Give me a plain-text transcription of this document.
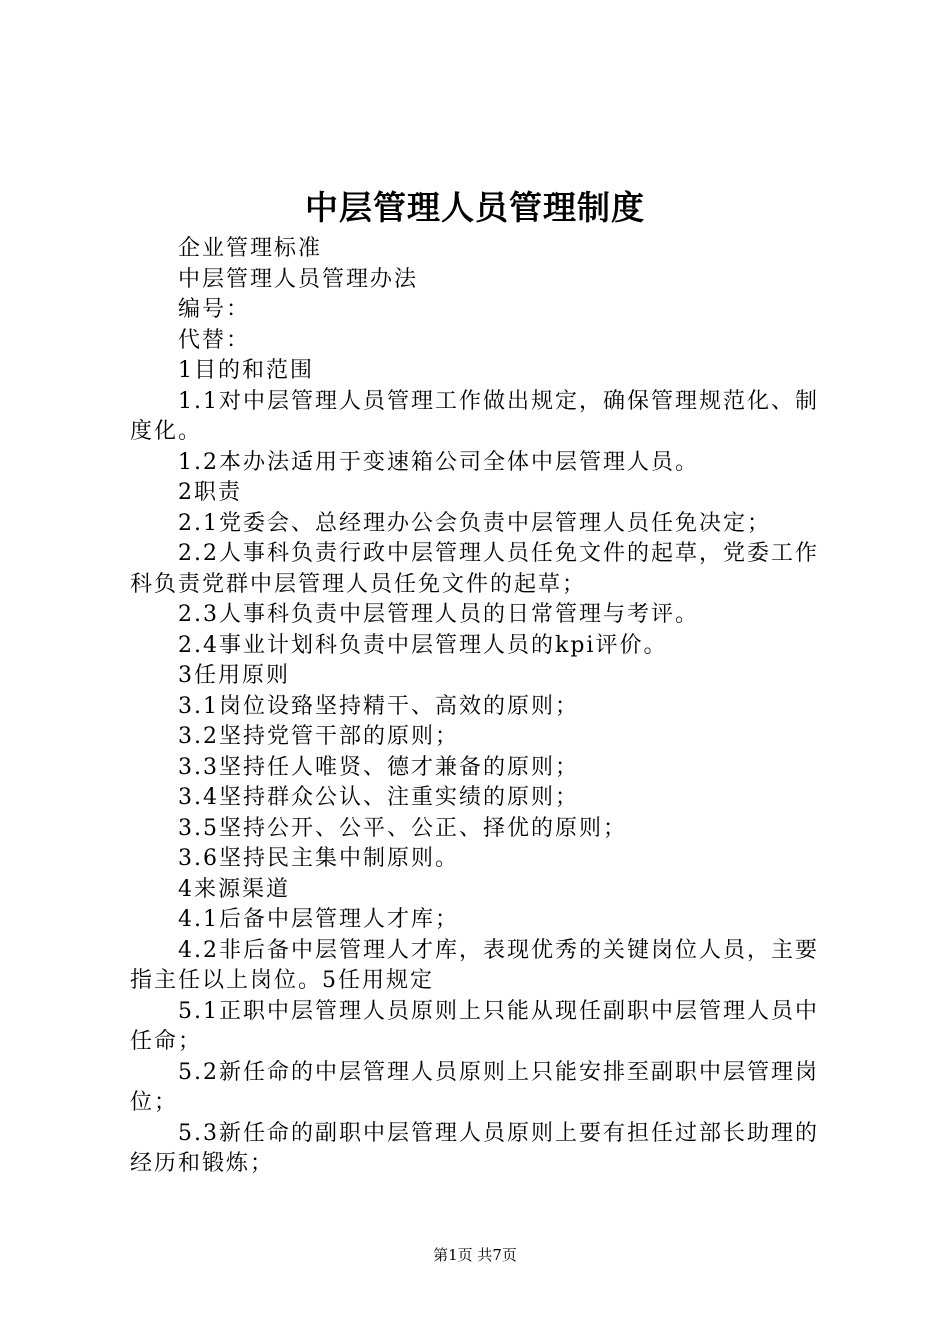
中层管理人员管理制度

企业管理标准

中层管理人员管理办法

编号：

代替：

1目的和范围

1.1对中层管理人员管理工作做出规定，确保管理规范化、制度化。

1.2本办法适用于变速箱公司全体中层管理人员。

2职责

2.1党委会、总经理办公会负责中层管理人员任免决定；

2.2人事科负责行政中层管理人员任免文件的起草，党委工作科负责党群中层管理人员任免文件的起草；

2.3人事科负责中层管理人员的日常管理与考评。

2.4事业计划科负责中层管理人员的kpi评价。

3任用原则

3.1岗位设臵坚持精干、高效的原则；

3.2坚持党管干部的原则；

3.3坚持任人唯贤、德才兼备的原则；

3.4坚持群众公认、注重实绩的原则；

3.5坚持公开、公平、公正、择优的原则；

3.6坚持民主集中制原则。

4来源渠道

4.1后备中层管理人才库；

4.2非后备中层管理人才库，表现优秀的关键岗位人员，主要指主任以上岗位。5任用规定

5.1正职中层管理人员原则上只能从现任副职中层管理人员中任命；

5.2新任命的中层管理人员原则上只能安排至副职中层管理岗位；

5.3新任命的副职中层管理人员原则上要有担任过部长助理的经历和锻炼；

第1页 共7页
